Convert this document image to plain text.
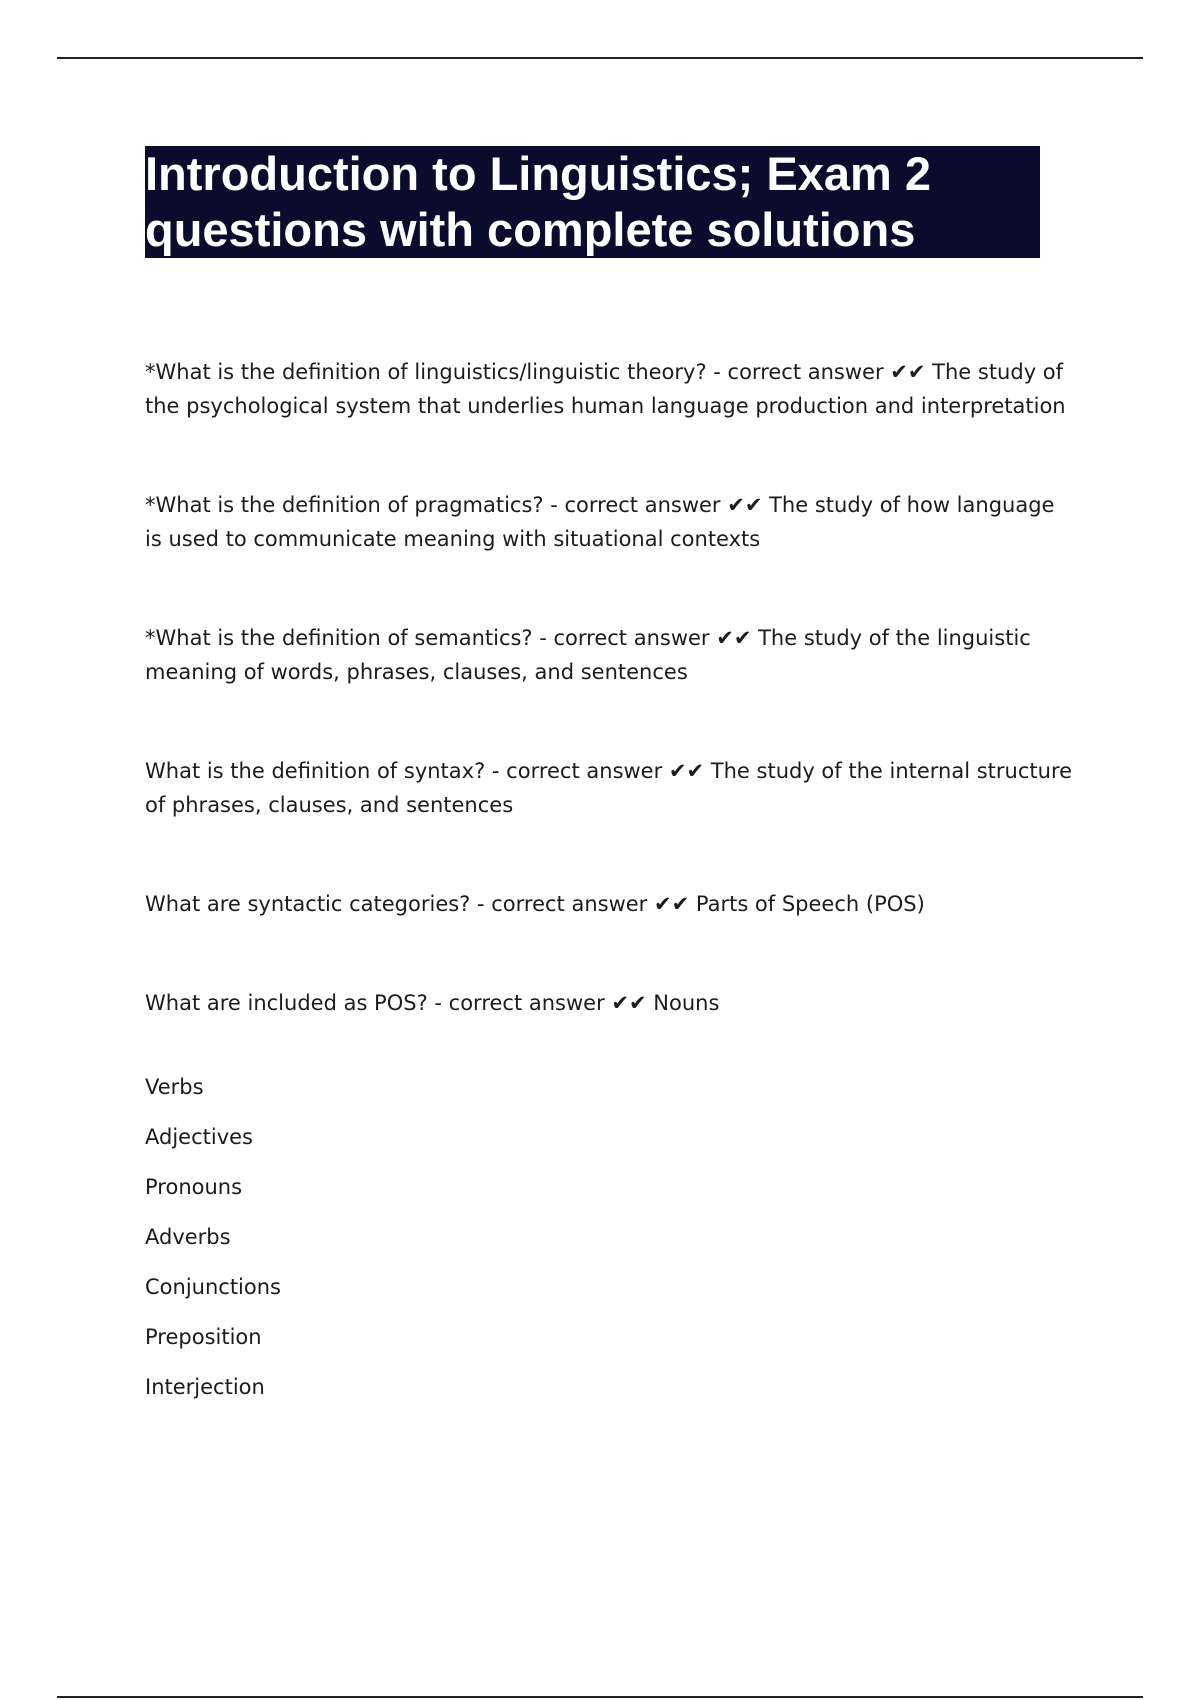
Introduction to Linguistics; Exam 2 questions with complete solutions

*What is the definition of linguistics/linguistic theory? - correct answer ✔✔ The study of the psychological system that underlies human language production and interpretation

*What is the definition of pragmatics? - correct answer ✔✔ The study of how language is used to communicate meaning with situational contexts

*What is the definition of semantics? - correct answer ✔✔ The study of the linguistic meaning of words, phrases, clauses, and sentences

What is the definition of syntax? - correct answer ✔✔ The study of the internal structure of phrases, clauses, and sentences

What are syntactic categories? - correct answer ✔✔ Parts of Speech (POS)

What are included as POS? - correct answer ✔✔ Nouns

Verbs
Adjectives
Pronouns
Adverbs
Conjunctions
Preposition
Interjection
